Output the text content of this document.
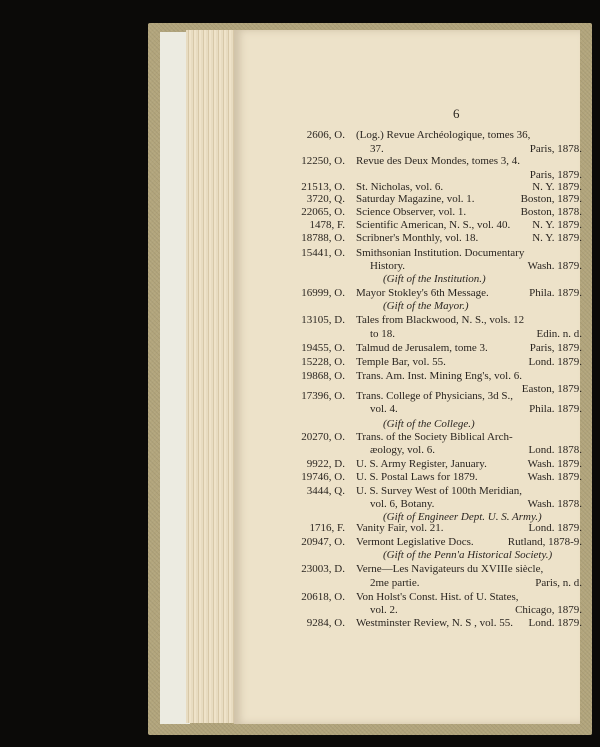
6
2606, O. (Log.) Revue Archéologique, tomes 36,
37.	Paris, 1878.
12250, O. Revue des Deux Mondes, tomes 3, 4.
Paris, 1879.
21513, O. St. Nicholas, vol. 6.	N. Y. 1879.
3720, Q. Saturday Magazine, vol. 1.	Boston, 1879.
22065, O. Science Observer, vol. 1.	Boston, 1878.
1478, F. Scientific American, N. S., vol. 40. N. Y. 1879.
18788, O. Scribner's Monthly, vol. 18.	N. Y. 1879.
15441, O. Smithsonian Institution. Documentary
History.	Wash. 1879.
(Gift of the Institution.)
16999, O. Mayor Stokley's 6th Message.	Phila. 1879.
(Gift of the Mayor.)
13105, D. Tales from Blackwood, N. S., vols. 12
to 18.	Edin. n. d.
19455, O. Talmud de Jerusalem, tome 3.	Paris, 1879.
15228, O. Temple Bar, vol. 55.	Lond. 1879.
19868, O. Trans. Am. Inst. Mining Eng's, vol. 6.
Easton, 1879.
17396, O. Trans. College of Physicians, 3d S.,
vol. 4.	Phila. 1879.
(Gift of the College.)
20270, O. Trans. of the Society Biblical Arch-
æology, vol. 6.	Lond. 1878.
9922, D. U. S. Army Register, January.	Wash. 1879.
19746, O. U. S. Postal Laws for 1879.	Wash. 1879.
3444, Q. U. S. Survey West of 100th Meridian,
vol. 6, Botany.	Wash. 1878.
(Gift of Engineer Dept. U. S. Army.)
1716, F. Vanity Fair, vol. 21.	Lond. 1879.
20947, O. Vermont Legislative Docs.	Rutland, 1878-9.
(Gift of the Penn'a Historical Society.)
23003, D. Verne—Les Navigateurs du XVIIIe siècle,
2me partie.	Paris, n. d.
20618, O. Von Holst's Const. Hist. of U. States,
vol. 2.	Chicago, 1879.
9284, O. Westminster Review, N. S , vol. 55. Lond. 1879.
